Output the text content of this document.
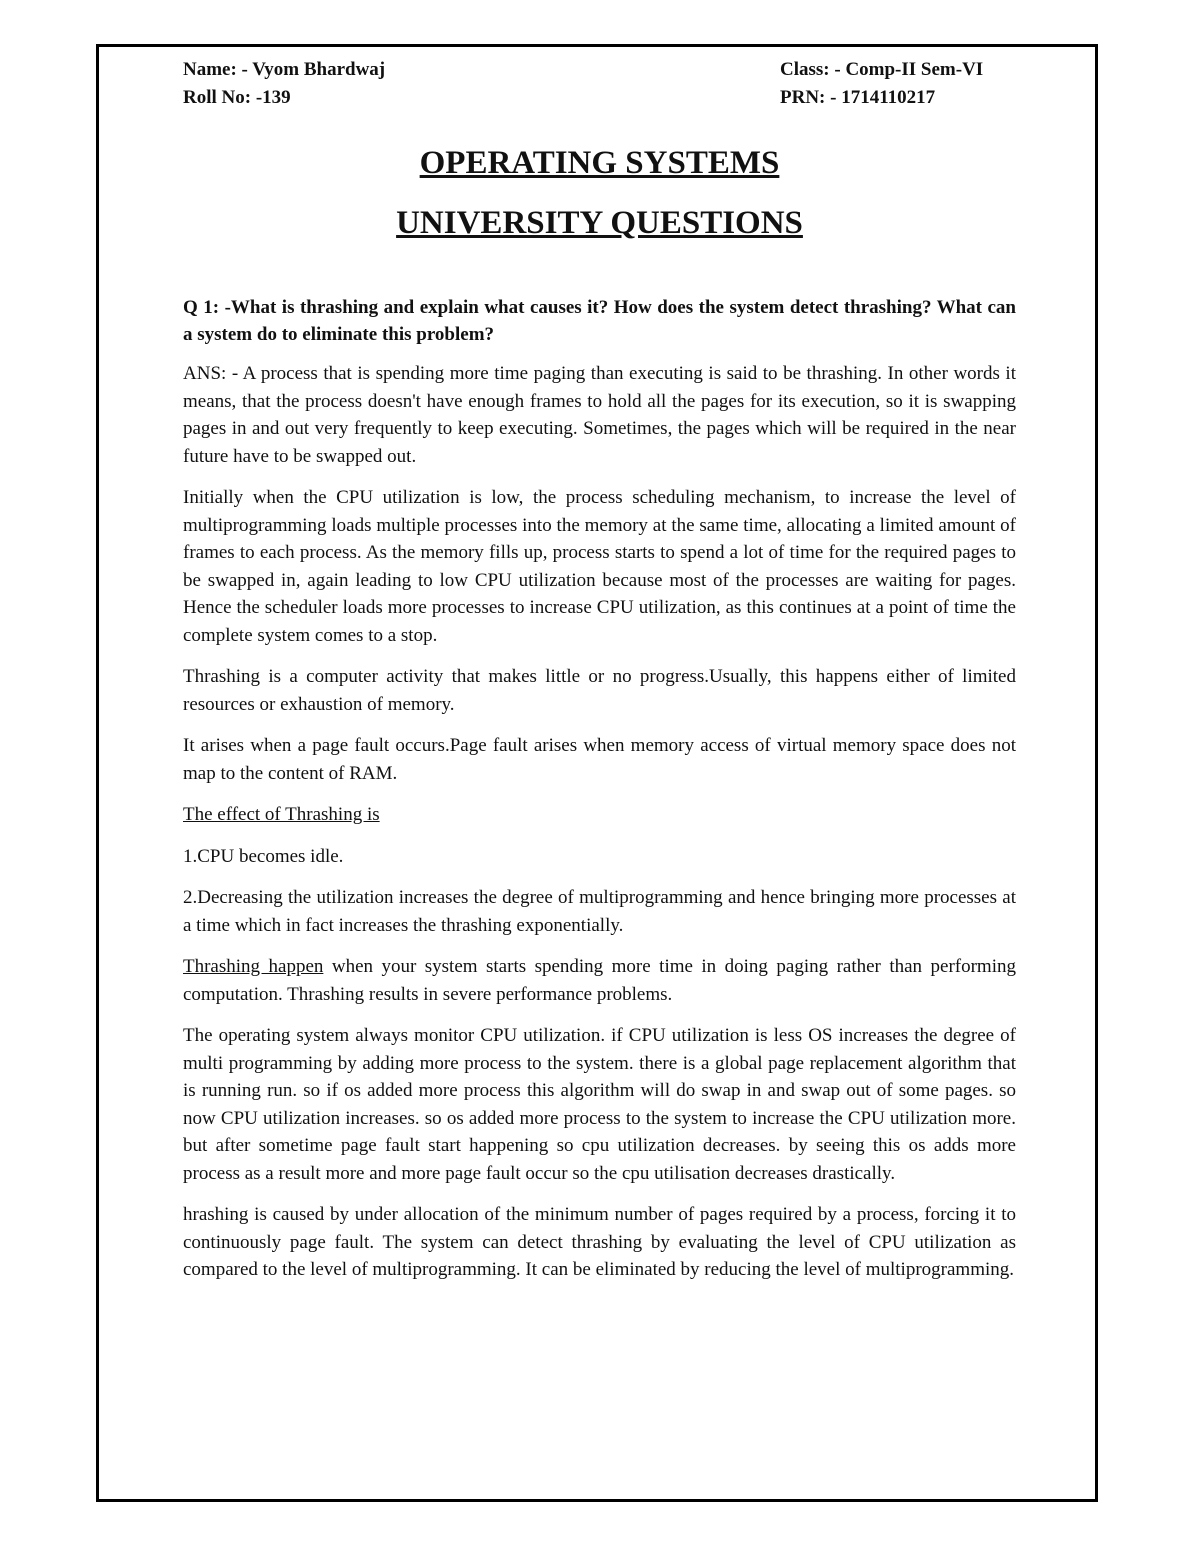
Name: - Vyom Bhardwaj	Class: - Comp-II Sem-VI
Roll No: -139	PRN: - 1714110217
OPERATING SYSTEMS
UNIVERSITY QUESTIONS
Q 1: -What is thrashing and explain what causes it? How does the system detect thrashing? What can a system do to eliminate this problem?

ANS: - A process that is spending more time paging than executing is said to be thrashing. In other words it means, that the process doesn't have enough frames to hold all the pages for its execution, so it is swapping pages in and out very frequently to keep executing. Sometimes, the pages which will be required in the near future have to be swapped out.

Initially when the CPU utilization is low, the process scheduling mechanism, to increase the level of multiprogramming loads multiple processes into the memory at the same time, allocating a limited amount of frames to each process. As the memory fills up, process starts to spend a lot of time for the required pages to be swapped in, again leading to low CPU utilization because most of the processes are waiting for pages. Hence the scheduler loads more processes to increase CPU utilization, as this continues at a point of time the complete system comes to a stop.

Thrashing is a computer activity that makes little or no progress.Usually, this happens either of limited resources or exhaustion of memory.

It arises when a page fault occurs.Page fault arises when memory access of virtual memory space does not map to the content of RAM.

The effect of Thrashing is

1.CPU becomes idle.

2.Decreasing the utilization increases the degree of multiprogramming and hence bringing more processes at a time which in fact increases the thrashing exponentially.

Thrashing happen when your system starts spending more time in doing paging rather than performing computation. Thrashing results in severe performance problems.

The operating system always monitor CPU utilization. if CPU utilization is less OS increases the degree of multi programming by adding more process to the system. there is a global page replacement algorithm that is running run. so if os added more process this algorithm will do swap in and swap out of some pages. so now CPU utilization increases. so os added more process to the system to increase the CPU utilization more. but after sometime page fault start happening so cpu utilization decreases. by seeing this os adds more process as a result more and more page fault occur so the cpu utilisation decreases drastically.

hrashing is caused by under allocation of the minimum number of pages required by a process, forcing it to continuously page fault. The system can detect thrashing by evaluating the level of CPU utilization as compared to the level of multiprogramming. It can be eliminated by reducing the level of multiprogramming.
